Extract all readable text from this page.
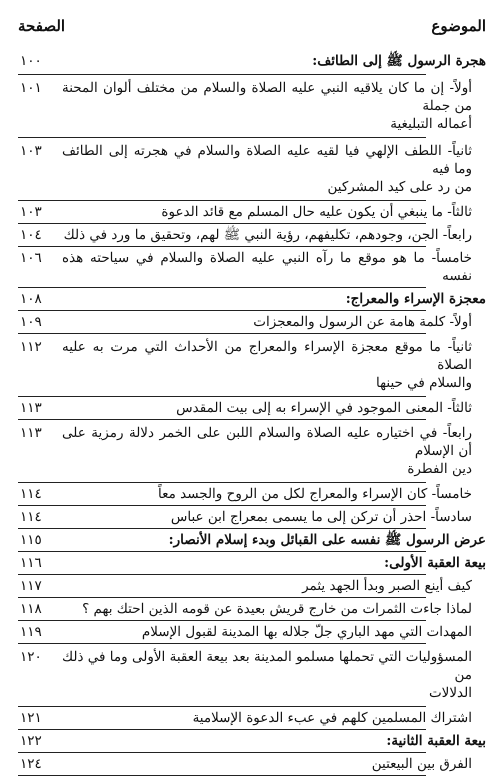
الموضوع
الصفحة
هجرة الرسول ﷺ إلى الطائف:
١٠٠
أولاً- إن ما كان يلاقيه النبي عليه الصلاة والسلام من مختلف ألوان المحنة من جملة
١٠١
أعماله التبليغية
ثانياً- اللطف الإلهي فيا لقيه عليه الصلاة والسلام في هجرته إلى الطائف وما فيه
١٠٣
من رد على كيد المشركين
ثالثاً- ما ينبغي أن يكون عليه حال المسلم مع قائد الدعوة
١٠٣
رابعاً- الجن، وجودهم، تكليفهم، رؤية النبي ﷺ لهم، وتحقيق ما ورد في ذلك
١٠٤
خامساً- ما هو موقع ما رآه النبي عليه الصلاة والسلام في سياحته هذه نفسه
١٠٦
معجزة الإسراء والمعراج:
١٠٨
أولاً- كلمة هامة عن الرسول والمعجزات
١٠٩
ثانياً- ما موقع معجزة الإسراء والمعراج من الأحداث التي مرت به عليه الصلاة
١١٢
والسلام في حينها
ثالثاً- المعنى الموجود في الإسراء به إلى بيت المقدس
١١٣
رابعاً- في اختياره عليه الصلاة والسلام اللبن على الخمر دلالة رمزية على أن الإسلام
١١٣
دين الفطرة
خامساً- كان الإسراء والمعراج لكل من الروح والجسد معاً
١١٤
سادساً- احذر أن تركن إلى ما يسمى بمعراج ابن عباس
١١٤
عرض الرسول ﷺ نفسه على القبائل وبدء إسلام الأنصار:
١١٥
بيعة العقبة الأولى:
١١٦
كيف أينع الصبر وبدأ الجهد يثمر
١١٧
لماذا جاءت الثمرات من خارج قريش بعيدة عن قومه الذين احتك بهم ؟
١١٨
المهدات التي مهد الباري جلّ جلاله بها المدينة لقبول الإسلام
١١٩
المسؤوليات التي تحملها مسلمو المدينة بعد بيعة العقبة الأولى وما في ذلك من
١٢٠
الدلالات
اشتراك المسلمين كلهم في عبء الدعوة الإسلامية
١٢١
بيعة العقبة الثانية:
١٢٢
الفرق بين البيعتين
١٢٤
